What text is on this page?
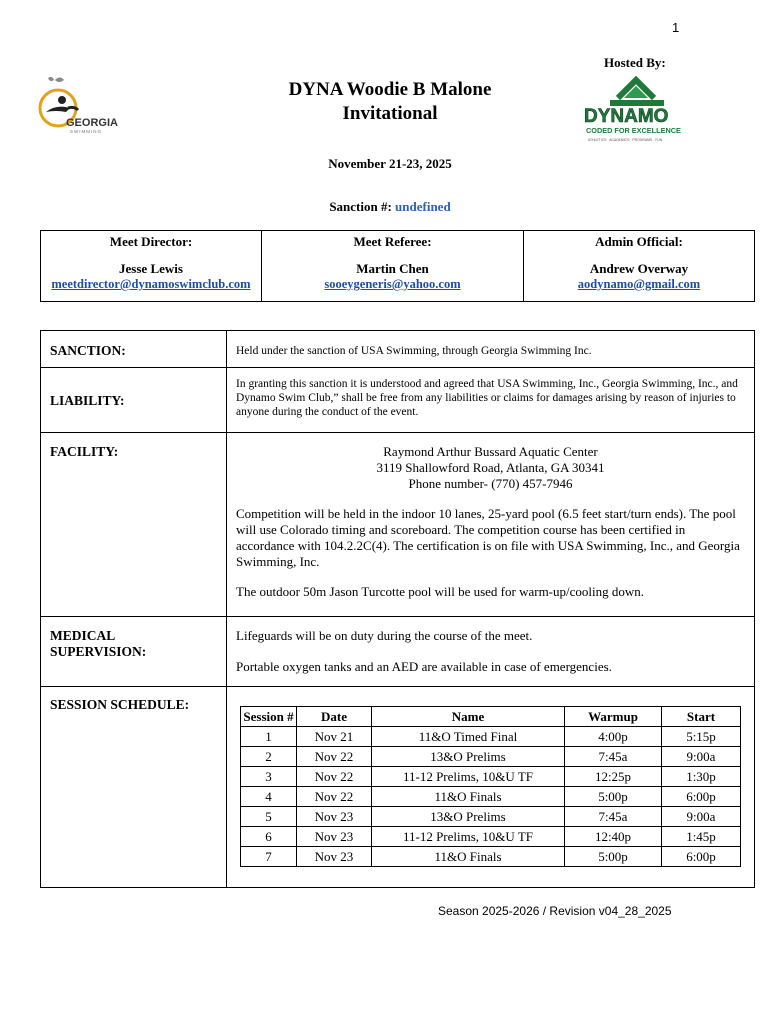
1
GEORGIA
SWIMMING
DYNA Woodie B Malone
Invitational
Hosted By:
DYNAMO
CODED FOR EXCELLENCE
ATHLETICS · ACADEMICS · PROGRAMS · FUN
November 21-23, 2025
Sanction #: undefined
Meet Director:
Jesse Lewis
meetdirector@dynamoswimclub.com
Meet Referee:
Martin Chen
sooeygeneris@yahoo.com
Admin Official:
Andrew Overway
aodynamo@gmail.com
SANCTION:	Held under the sanction of USA Swimming, through Georgia Swimming Inc.
LIABILITY:
In granting this sanction it is understood and agreed that USA Swimming, Inc., Georgia Swimming, Inc., and Dynamo Swim Club,” shall be free from any liabilities or claims for damages arising by reason of injuries to anyone during the conduct of the event.
FACILITY:	Raymond Arthur Bussard Aquatic Center

3119 Shallowford Road, Atlanta, GA 30341

Phone number- (770) 457-7946

Competition will be held in the indoor 10 lanes, 25-yard pool (6.5 feet start/turn ends). The pool will use Colorado timing and scoreboard. The competition course has been certified in accordance with 104.2.2C(4). The certification is on file with USA Swimming, Inc., and Georgia Swimming, Inc.

The outdoor 50m Jason Turcotte pool will be used for warm-up/cooling down.

MEDICAL
SUPERVISION:

Lifeguards will be on duty during the course of the meet.

Portable oxygen tanks and an AED are available in case of emergencies.

SESSION SCHEDULE:
Session #	Date	Name	Warmup	Start
1	Nov 21	11&O Timed Final	4:00p	5:15p
2	Nov 22	13&O Prelims	7:45a	9:00a
3	Nov 22	11-12 Prelims, 10&U TF	12:25p	1:30p
4	Nov 22	11&O Finals	5:00p	6:00p
5	Nov 23	13&O Prelims	7:45a	9:00a
6	Nov 23	11-12 Prelims, 10&U TF	12:40p	1:45p
7	Nov 23	11&O Finals	5:00p	6:00p
Season 2025-2026 / Revision v04_28_2025
